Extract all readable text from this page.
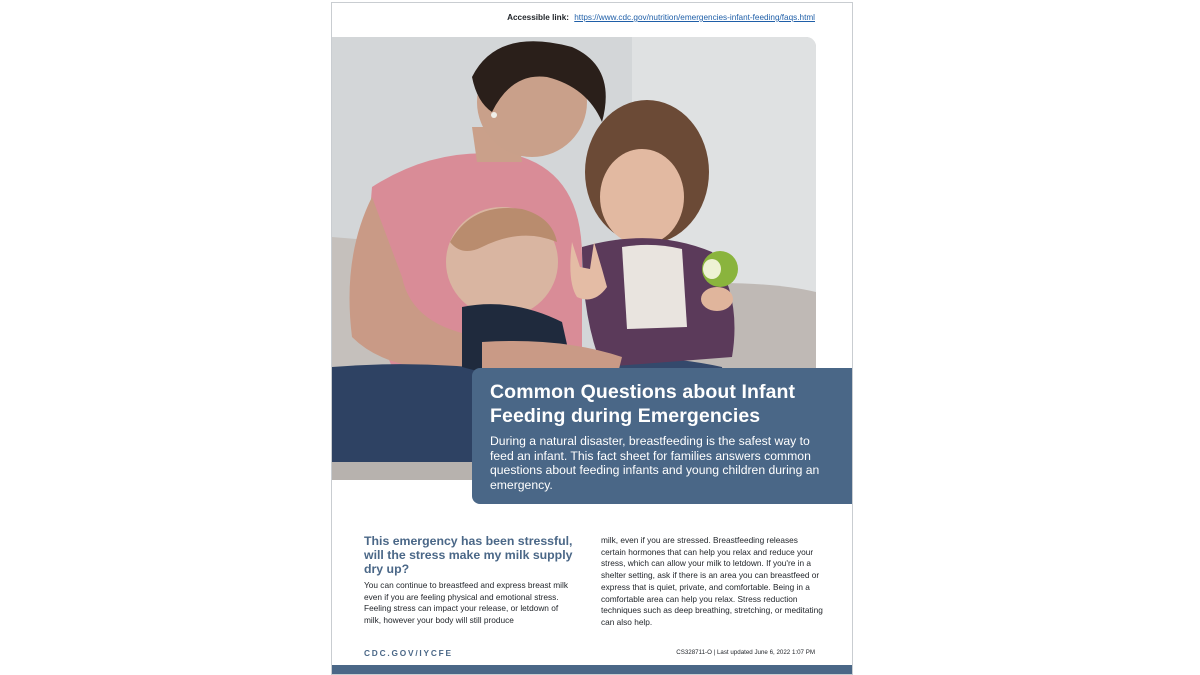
Accessible link: https://www.cdc.gov/nutrition/emergencies-infant-feeding/faqs.html
Common Questions about Infant Feeding during Emergencies

During a natural disaster, breastfeeding is the safest way to feed an infant. This fact sheet for families answers common questions about feeding infants and young children during an emergency.

This emergency has been stressful, will the stress make my milk supply dry up?

You can continue to breastfeed and express breast milk even if you are feeling physical and emotional stress. Feeling stress can impact your release, or letdown of milk, however your body will still produce

milk, even if you are stressed. Breastfeeding releases certain hormones that can help you relax and reduce your stress, which can allow your milk to letdown. If you're in a shelter setting, ask if there is an area you can breastfeed or express that is quiet, private, and comfortable. Being in a comfortable area can help you relax. Stress reduction techniques such as deep breathing, stretching, or meditating can also help.

CDC.GOV/IYCFE	CS328711-O | Last updated June 6, 2022 1:07 PM
